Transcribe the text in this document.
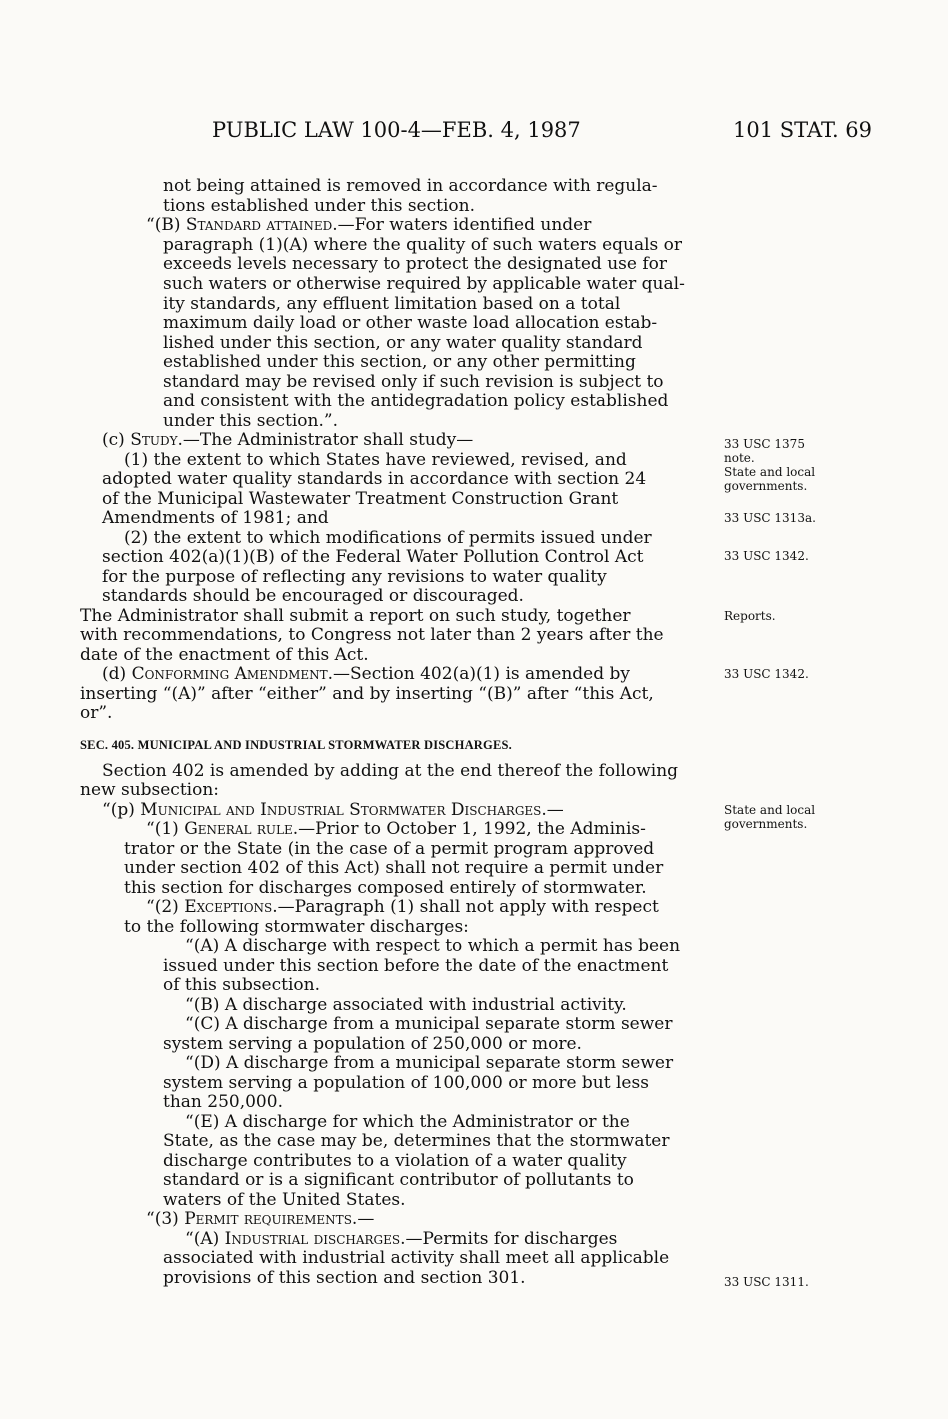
PUBLIC LAW 100-4—FEB. 4, 1987	101 STAT. 69
not being attained is removed in accordance with regula-
tions established under this section.
“(B) Standard attained.—For waters identified under
paragraph (1)(A) where the quality of such waters equals or
exceeds levels necessary to protect the designated use for
such waters or otherwise required by applicable water qual-
ity standards, any effluent limitation based on a total
maximum daily load or other waste load allocation estab-
lished under this section, or any water quality standard
established under this section, or any other permitting
standard may be revised only if such revision is subject to
and consistent with the antidegradation policy established
under this section.”.
(c) Study.—The Administrator shall study—
(1) the extent to which States have reviewed, revised, and
adopted water quality standards in accordance with section 24
of the Municipal Wastewater Treatment Construction Grant
Amendments of 1981; and
(2) the extent to which modifications of permits issued under
section 402(a)(1)(B) of the Federal Water Pollution Control Act
for the purpose of reflecting any revisions to water quality
standards should be encouraged or discouraged.
The Administrator shall submit a report on such study, together
with recommendations, to Congress not later than 2 years after the
date of the enactment of this Act.
(d) Conforming Amendment.—Section 402(a)(1) is amended by
inserting “(A)” after “either” and by inserting “(B)” after “this Act,
or”.
SEC. 405. MUNICIPAL AND INDUSTRIAL STORMWATER DISCHARGES.
Section 402 is amended by adding at the end thereof the following
new subsection:
“(p) Municipal and Industrial Stormwater Discharges.—
“(1) General rule.—Prior to October 1, 1992, the Adminis-
trator or the State (in the case of a permit program approved
under section 402 of this Act) shall not require a permit under
this section for discharges composed entirely of stormwater.
“(2) Exceptions.—Paragraph (1) shall not apply with respect
to the following stormwater discharges:
“(A) A discharge with respect to which a permit has been
issued under this section before the date of the enactment
of this subsection.
“(B) A discharge associated with industrial activity.
“(C) A discharge from a municipal separate storm sewer
system serving a population of 250,000 or more.
“(D) A discharge from a municipal separate storm sewer
system serving a population of 100,000 or more but less
than 250,000.
“(E) A discharge for which the Administrator or the
State, as the case may be, determines that the stormwater
discharge contributes to a violation of a water quality
standard or is a significant contributor of pollutants to
waters of the United States.
“(3) Permit requirements.—
“(A) Industrial discharges.—Permits for discharges
associated with industrial activity shall meet all applicable
provisions of this section and section 301.
33 USC 1375
note.
State and local
governments.
33 USC 1313a.
33 USC 1342.
Reports.
33 USC 1342.
State and local
governments.
33 USC 1311.
